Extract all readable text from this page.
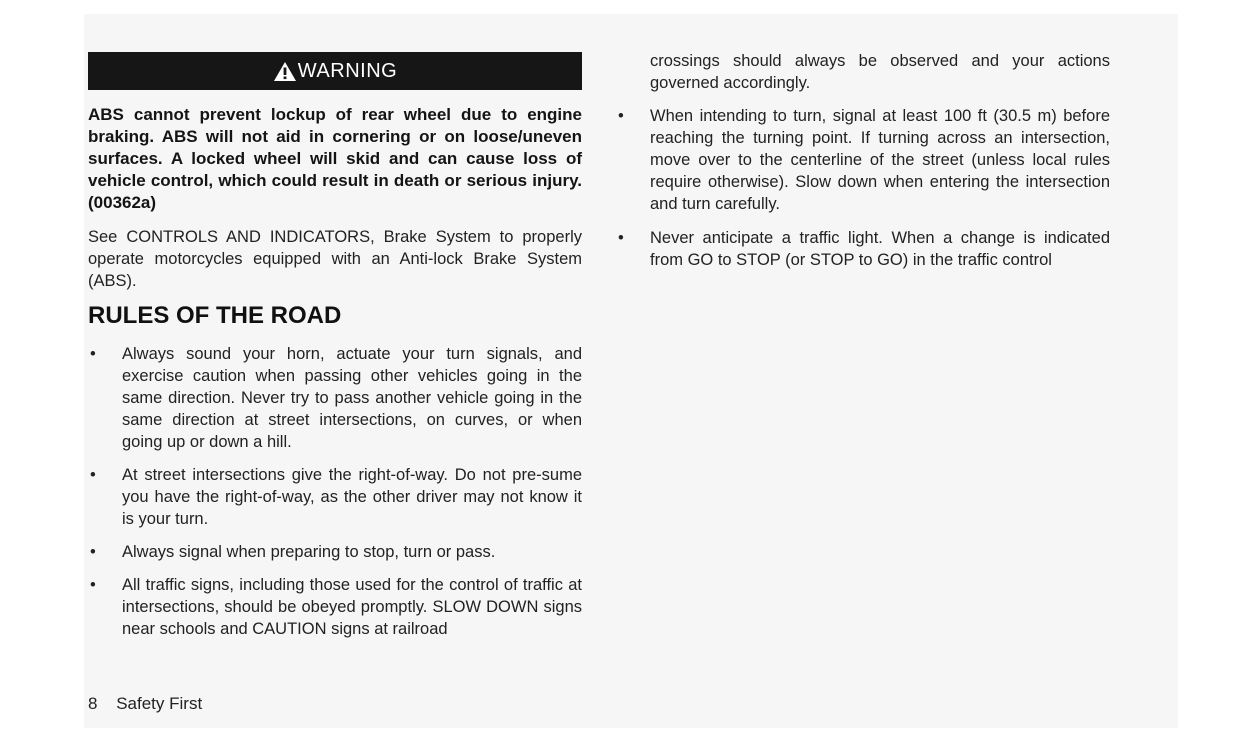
WARNING

ABS cannot prevent lockup of rear wheel due to engine braking. ABS will not aid in cornering or on loose/uneven surfaces. A locked wheel will skid and can cause loss of vehicle control, which could result in death or serious injury. (00362a)

See CONTROLS AND INDICATORS, Brake System to properly operate motorcycles equipped with an Anti-lock Brake System (ABS).

RULES OF THE ROAD
• Always sound your horn, actuate your turn signals, and exercise caution when passing other vehicles going in the same direction. Never try to pass another vehicle going in the same direction at street intersections, on curves, or when going up or down a hill.
• At street intersections give the right-of-way. Do not pre-sume you have the right-of-way, as the other driver may not know it is your turn.
• Always signal when preparing to stop, turn or pass.
• All traffic signs, including those used for the control of traffic at intersections, should be obeyed promptly. SLOW DOWN signs near schools and CAUTION signs at railroad
8 Safety First

crossings should always be observed and your actions governed accordingly.

• When intending to turn, signal at least 100 ft (30.5 m) before reaching the turning point. If turning across an intersection, move over to the centerline of the street (unless local rules require otherwise). Slow down when entering the intersection and turn carefully.
• Never anticipate a traffic light. When a change is indicated from GO to STOP (or STOP to GO) in the traffic control
